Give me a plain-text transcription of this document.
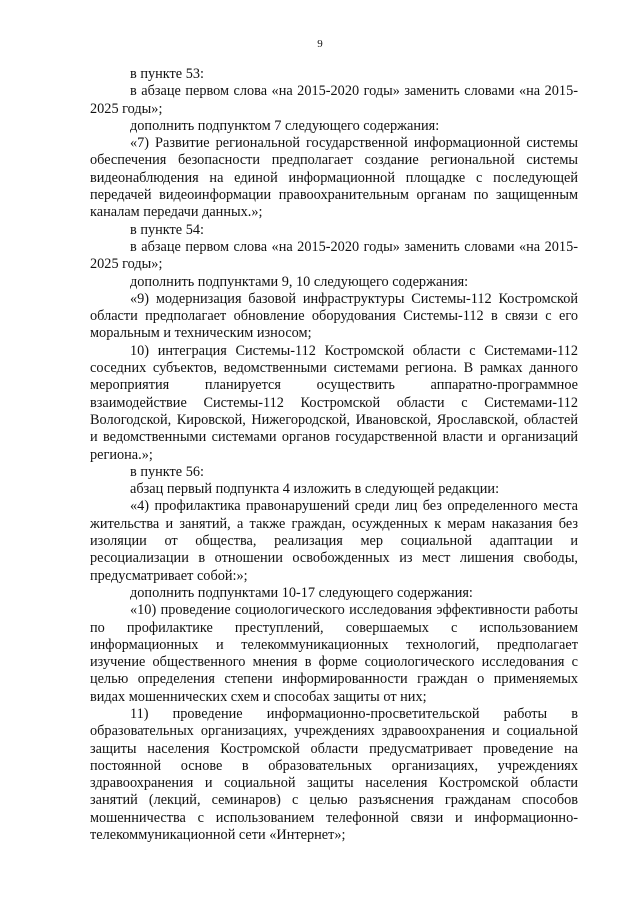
9

в пункте 53:

в абзаце первом слова «на 2015-2020 годы» заменить словами «на 2015-2025 годы»;

дополнить подпунктом 7 следующего содержания:

«7) Развитие региональной государственной информационной системы обеспечения безопасности предполагает создание региональной системы видеонаблюдения на единой информационной площадке с последующей передачей видеоинформации правоохранительным органам по защищенным каналам передачи данных.»;

в пункте 54:

в абзаце первом слова «на 2015-2020 годы» заменить словами «на 2015-2025 годы»;

дополнить подпунктами 9, 10 следующего содержания:

«9) модернизация базовой инфраструктуры Системы-112 Костромской области предполагает обновление оборудования Системы-112 в связи с его моральным и техническим износом;

10) интеграция Системы-112 Костромской области с Системами-112 соседних субъектов, ведомственными системами региона. В рамках данного мероприятия планируется осуществить аппаратно-программное взаимодействие Системы-112 Костромской области с Системами-112 Вологодской, Кировской, Нижегородской, Ивановской, Ярославской, областей и ведомственными системами органов государственной власти и организаций региона.»;

в пункте 56:

абзац первый подпункта 4 изложить в следующей редакции:

«4) профилактика правонарушений среди лиц без определенного места жительства и занятий, а также граждан, осужденных к мерам наказания без изоляции от общества, реализация мер социальной адаптации и ресоциализации в отношении освобожденных из мест лишения свободы, предусматривает собой:»;

дополнить подпунктами 10-17 следующего содержания:

«10) проведение социологического исследования эффективности работы по профилактике преступлений, совершаемых с использованием информационных и телекоммуникационных технологий, предполагает изучение общественного мнения в форме социологического исследования с целью определения степени информированности граждан о применяемых видах мошеннических схем и способах защиты от них;

11) проведение информационно-просветительской работы в образовательных организациях, учреждениях здравоохранения и социальной защиты населения Костромской области предусматривает проведение на постоянной основе в образовательных организациях, учреждениях здравоохранения и социальной защиты населения Костромской области занятий (лекций, семинаров) с целью разъяснения гражданам способов мошенничества с использованием телефонной связи и информационно-телекоммуникационной сети «Интернет»;
